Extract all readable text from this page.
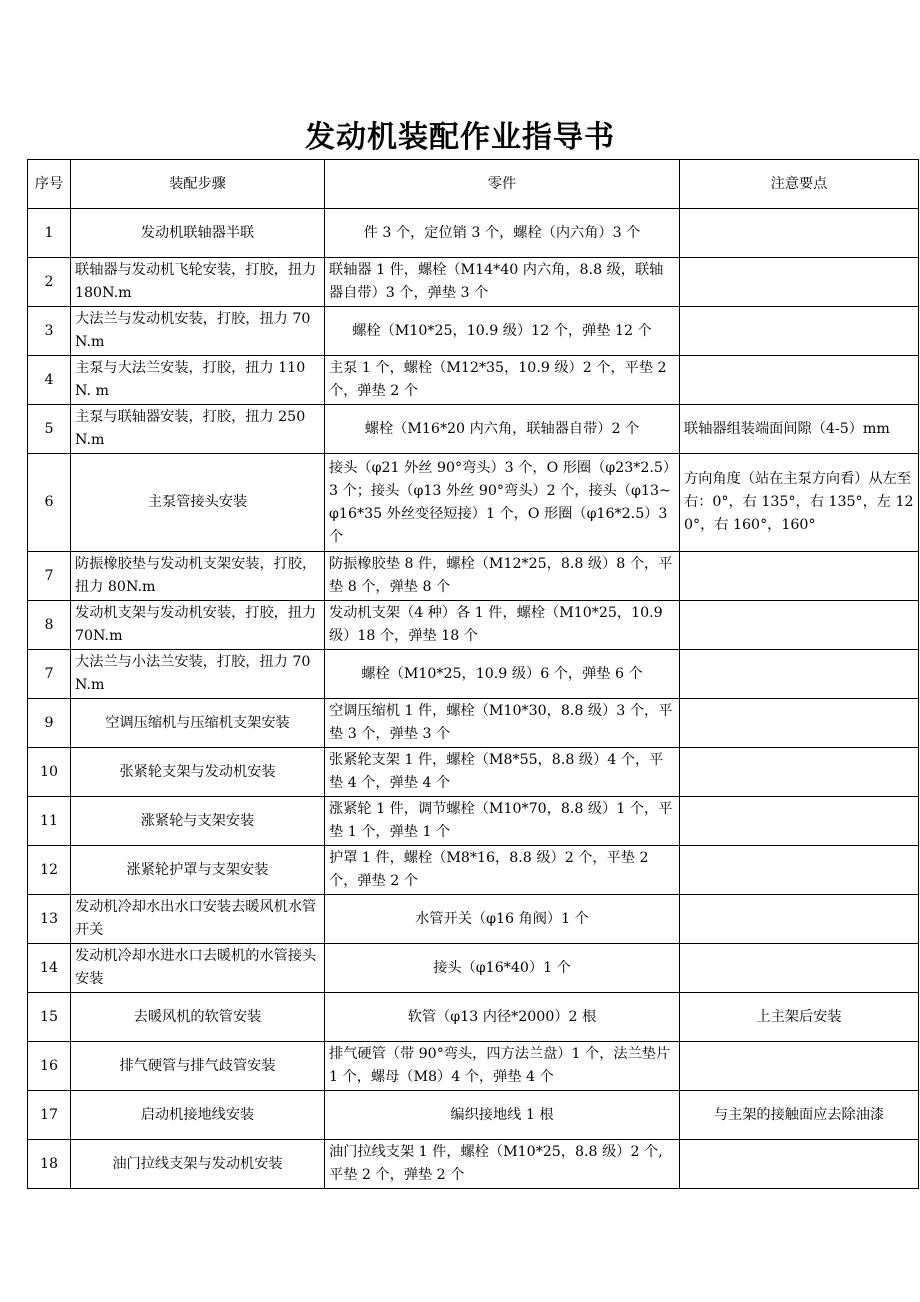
发动机装配作业指导书
序号	装配步骤	零件	注意要点
1	发动机联轴器半联	件 3 个，定位销 3 个，螺栓（内六角）3 个	
2	联轴器与发动机飞轮安装，打胶，扭力 180N.m	联轴器 1 件，螺栓（M14*40 内六角，8.8 级，联轴器自带）3 个，弹垫 3 个	
3	大法兰与发动机安装，打胶，扭力 70N.m	螺栓（M10*25，10.9 级）12 个，弹垫 12 个	
4	主泵与大法兰安装，打胶，扭力 110N. m	主泵 1 个，螺栓（M12*35，10.9 级）2 个，平垫 2 个，弹垫 2 个	
5	主泵与联轴器安装，打胶，扭力 250N.m	螺栓（M16*20 内六角，联轴器自带）2 个	联轴器组装端面间隙（4-5）mm
6	主泵管接头安装	接头（φ21 外丝 90°弯头）3 个，O 形圈（φ23*2.5）3 个；接头（φ13 外丝 90°弯头）2 个，接头（φ13~φ16*35 外丝变径短接）1 个，O 形圈（φ16*2.5）3 个	方向角度（站在主泵方向看）从左至右：0°，右 135°，右 135°，左 120°，右 160°，160°
7	防振橡胶垫与发动机支架安装，打胶，扭力 80N.m	防振橡胶垫 8 件，螺栓（M12*25，8.8 级）8 个，平垫 8 个，弹垫 8 个	
8	发动机支架与发动机安装，打胶，扭力 70N.m	发动机支架（4 种）各 1 件，螺栓（M10*25，10.9 级）18 个，弹垫 18 个	
7	大法兰与小法兰安装，打胶，扭力 70N.m	螺栓（M10*25，10.9 级）6 个，弹垫 6 个	
9	空调压缩机与压缩机支架安装	空调压缩机 1 件，螺栓（M10*30，8.8 级）3 个，平垫 3 个，弹垫 3 个	
10	张紧轮支架与发动机安装	张紧轮支架 1 件，螺栓（M8*55，8.8 级）4 个，平垫 4 个，弹垫 4 个	
11	涨紧轮与支架安装	涨紧轮 1 件，调节螺栓（M10*70，8.8 级）1 个，平垫 1 个，弹垫 1 个	
12	涨紧轮护罩与支架安装	护罩 1 件，螺栓（M8*16，8.8 级）2 个，平垫 2 个，弹垫 2 个	
13	发动机冷却水出水口安装去暖风机水管开关	水管开关（φ16 角阀）1 个	
14	发动机冷却水进水口去暖机的水管接头安装	接头（φ16*40）1 个	
15	去暖风机的软管安装	软管（φ13 内径*2000）2 根	上主架后安装
16	排气硬管与排气歧管安装	排气硬管（带 90°弯头，四方法兰盘）1 个，法兰垫片 1 个，螺母（M8）4 个，弹垫 4 个	
17	启动机接地线安装	编织接地线 1 根	与主架的接触面应去除油漆
18	油门拉线支架与发动机安装	油门拉线支架 1 件，螺栓（M10*25，8.8 级）2 个,平垫 2 个，弹垫 2 个	
